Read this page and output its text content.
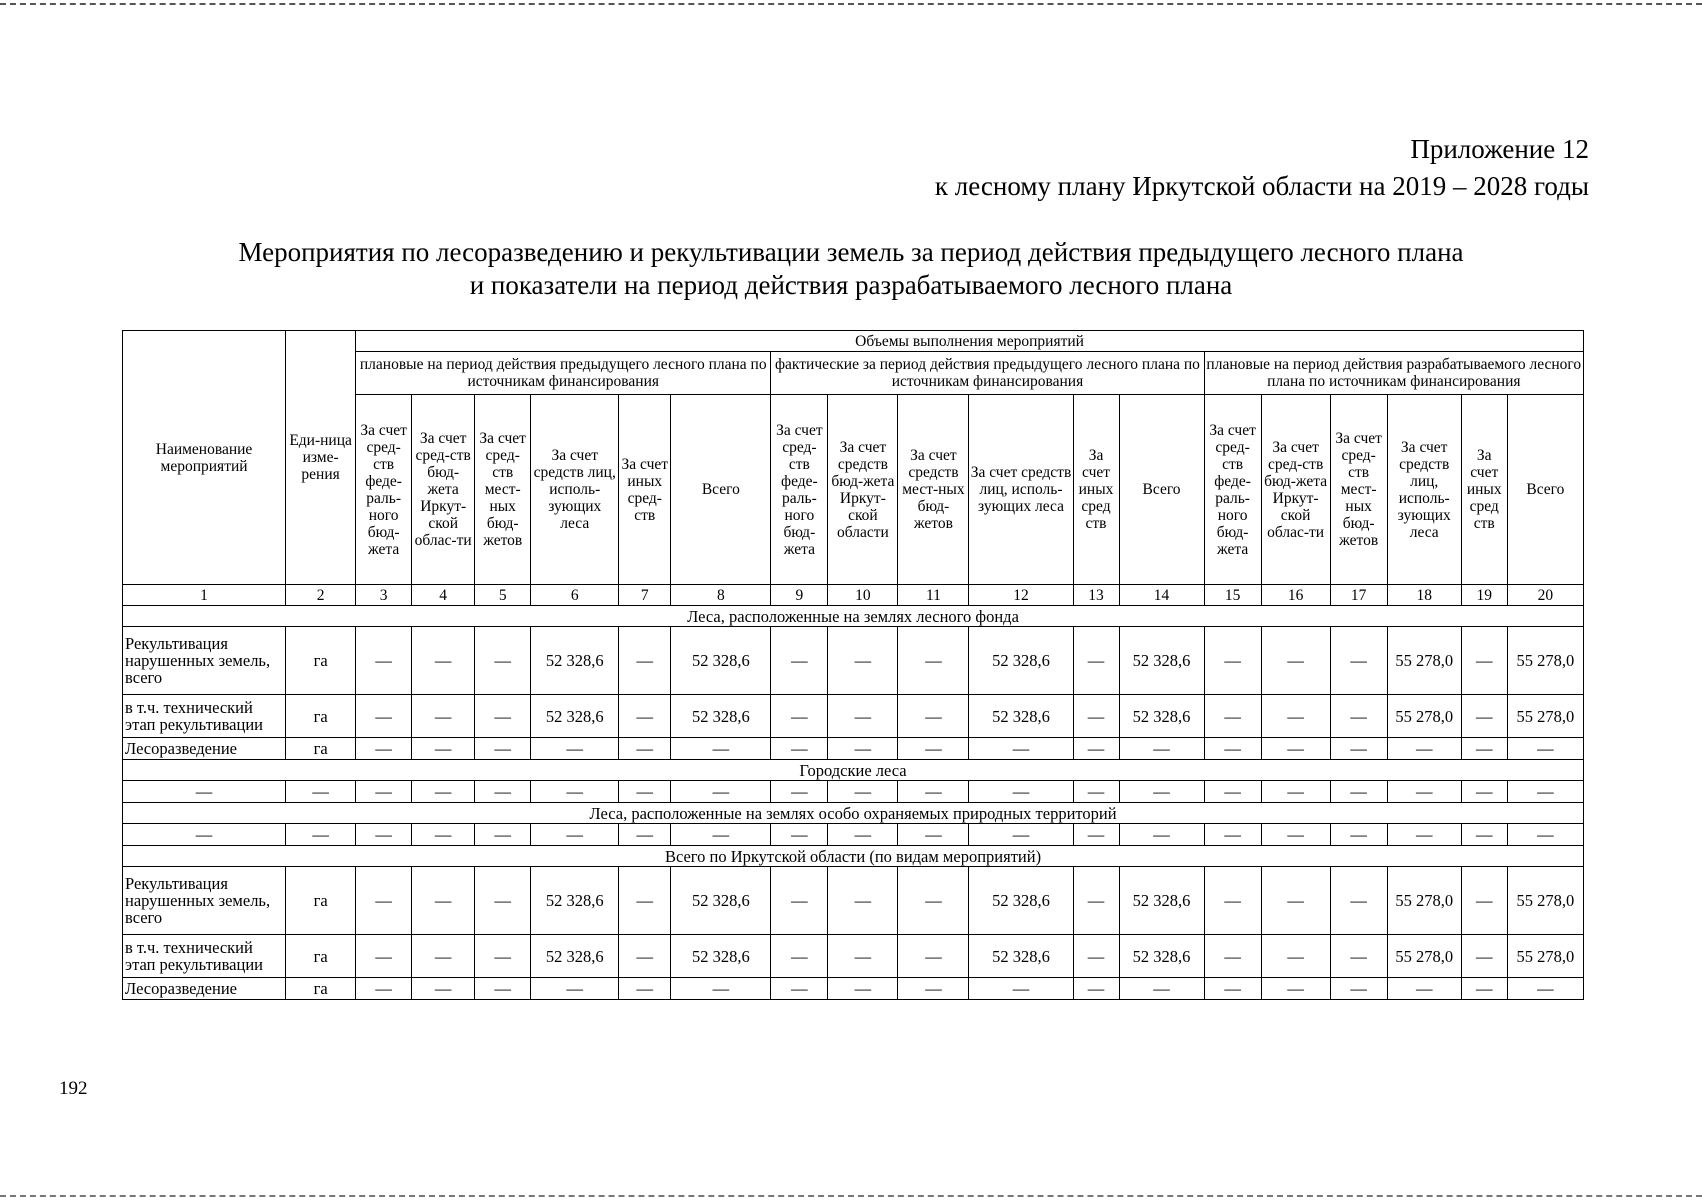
Приложение 12
к лесному плану Иркутской области на 2019 – 2028 годы
Мероприятия по лесоразведению и рекультивации земель за период действия предыдущего лесного плана
и показатели на период действия разрабатываемого лесного плана
Наименование мероприятий	Еди-ница изме-рения	Объемы выполнения мероприятий																	
		плановые на период действия предыдущего лесного плана по источникам финансирования						фактические за период действия предыдущего лесного плана по источникам финансирования						плановые на период действия разрабатываемого лесного плана по источникам финансирования					
		За счет сред-ств феде-раль-ного бюд-жета	За счет сред-ств бюд-жета Иркут-ской облас-ти	За счет сред-ств мест-ных бюд-жетов	За счет средств лиц, исполь-зующих леса	За счет иных сред-ств	Всего	За счет сред-ств феде-раль-ного бюд-жета	За счет средств бюд-жета Иркут-ской области	За счет средств мест-ных бюд-жетов	За счет средств лиц, исполь-зующих леса	За счет иных сред ств	Всего	За счет сред-ств феде-раль-ного бюд-жета	За счет сред-ств бюд-жета Иркут-ской облас-ти	За счет сред-ств мест-ных бюд-жетов	За счет средств лиц, исполь-зующих леса	За счет иных сред ств	Всего
1	2	3	4	5	6	7	8	9	10	11	12	13	14	15	16	17	18	19	20
Леса, расположенные на землях лесного фонда																			
Рекультивация нарушенных земель, всего	га	—	—	—	52 328,6	—	52 328,6	—	—	—	52 328,6	—	52 328,6	—	—	—	55 278,0	—	55 278,0
в т.ч. технический этап рекультивации	га	—	—	—	52 328,6	—	52 328,6	—	—	—	52 328,6	—	52 328,6	—	—	—	55 278,0	—	55 278,0
Лесоразведение	га	—	—	—	—	—	—	—	—	—	—	—	—	—	—	—	—	—	—
Городские леса																			
—	—	—	—	—	—	—	—	—	—	—	—	—	—	—	—	—	—	—	—
Леса, расположенные на землях особо охраняемых природных территорий																			
—	—	—	—	—	—	—	—	—	—	—	—	—	—	—	—	—	—	—	—
Всего по Иркутской области (по видам мероприятий)																			
Рекультивация нарушенных земель, всего	га	—	—	—	52 328,6	—	52 328,6	—	—	—	52 328,6	—	52 328,6	—	—	—	55 278,0	—	55 278,0
в т.ч. технический этап рекультивации	га	—	—	—	52 328,6	—	52 328,6	—	—	—	52 328,6	—	52 328,6	—	—	—	55 278,0	—	55 278,0
Лесоразведение	га	—	—	—	—	—	—	—	—	—	—	—	—	—	—	—	—	—	—
192
